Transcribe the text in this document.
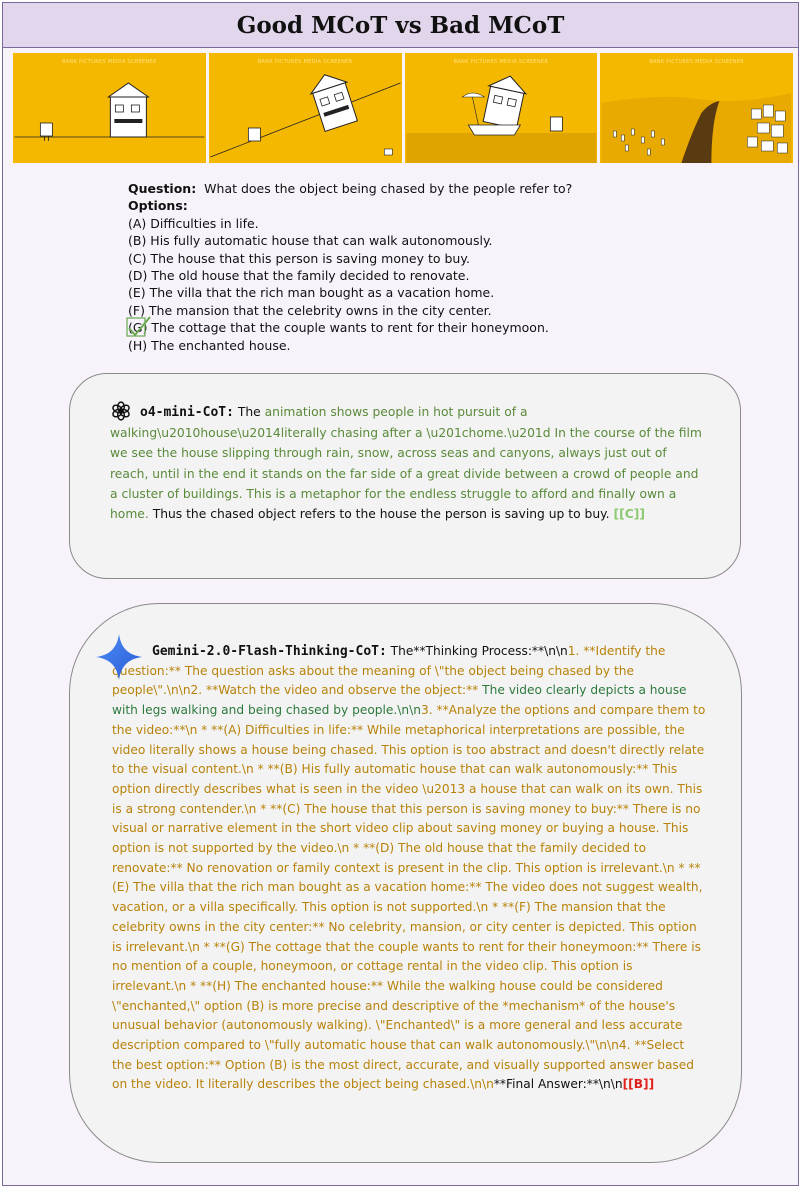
Good MCoT vs Bad MCoT
BANK PICTURES MEDIA SCREENER	BANK PICTURES MEDIA SCREENER	BANK PICTURES MEDIA SCREENER	BANK PICTURES MEDIA SCREENER
Question: What does the object being chased by the people refer to?
Options:
(A) Difficulties in life.
(B) His fully automatic house that can walk autonomously.
(C) The house that this person is saving money to buy.
(D) The old house that the family decided to renovate.
(E) The villa that the rich man bought as a vacation home.
(F) The mansion that the celebrity owns in the city center.
(G) The cottage that the couple wants to rent for their honeymoon.
(H) The enchanted house.
o4-mini-CoT: The animation shows people in hot pursuit of a walking\u2010house\u2014literally chasing after a \u201chome.\u201d In the course of the film we see the house slipping through rain, snow, across seas and canyons, always just out of reach, until in the end it stands on the far side of a great divide between a crowd of people and a cluster of buildings. This is a metaphor for the endless struggle to afford and finally own a home. Thus the chased object refers to the house the person is saving up to buy. [[C]]
Gemini-2.0-Flash-Thinking-CoT: The**Thinking Process:**\n\n1. **Identify the question:** The question asks about the meaning of \"the object being chased by the people\".\n\n2. **Watch the video and observe the object:** The video clearly depicts a house with legs walking and being chased by people.\n\n3. **Analyze the options and compare them to the video:**\n * **(A) Difficulties in life:** While metaphorical interpretations are possible, the video literally shows a house being chased. This option is too abstract and doesn't directly relate to the visual content.\n * **(B) His fully automatic house that can walk autonomously:** This option directly describes what is seen in the video \u2013 a house that can walk on its own. This is a strong contender.\n * **(C) The house that this person is saving money to buy:** There is no visual or narrative element in the short video clip about saving money or buying a house. This option is not supported by the video.\n * **(D) The old house that the family decided to renovate:** No renovation or family context is present in the clip. This option is irrelevant.\n * **(E) The villa that the rich man bought as a vacation home:** The video does not suggest wealth, vacation, or a villa specifically. This option is not supported.\n * **(F) The mansion that the celebrity owns in the city center:** No celebrity, mansion, or city center is depicted. This option is irrelevant.\n * **(G) The cottage that the couple wants to rent for their honeymoon:** There is no mention of a couple, honeymoon, or cottage rental in the video clip. This option is irrelevant.\n * **(H) The enchanted house:** While the walking house could be considered \"enchanted,\" option (B) is more precise and descriptive of the *mechanism* of the house's unusual behavior (autonomously walking). \"Enchanted\" is a more general and less accurate description compared to \"fully automatic house that can walk autonomously.\"\n\n4. **Select the best option:** Option (B) is the most direct, accurate, and visually supported answer based on the video. It literally describes the object being chased.\n\n**Final Answer:**\n\n[[B]]
